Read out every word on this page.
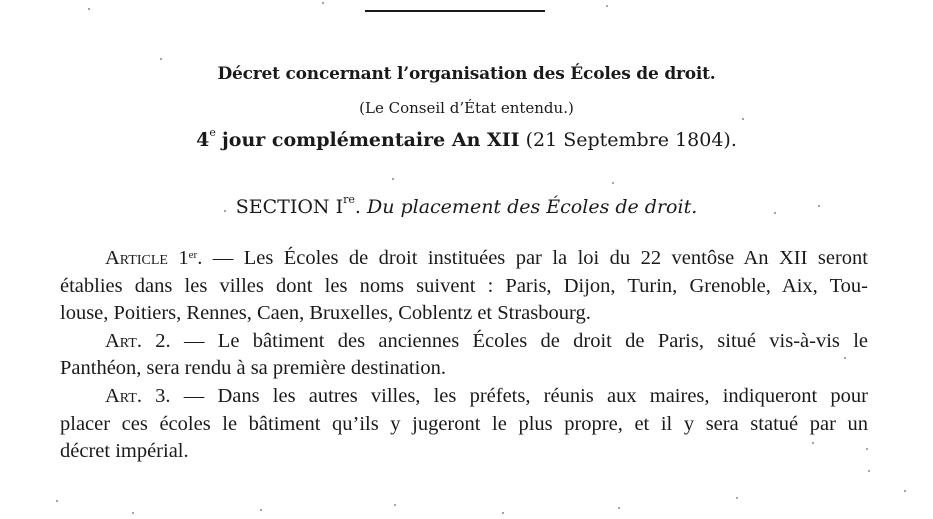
Décret concernant l’organisation des Écoles de droit.
(Le Conseil d’État entendu.)
4e jour complémentaire An XII (21 Septembre 1804).
SECTION Ire. Du placement des Écoles de droit.
Article 1er. — Les Écoles de droit instituées par la loi du 22 ventôse An XII seront
établies dans les villes dont les noms suivent : Paris, Dijon, Turin, Grenoble, Aix, Tou-
louse, Poitiers, Rennes, Caen, Bruxelles, Coblentz et Strasbourg.
Art. 2. — Le bâtiment des anciennes Écoles de droit de Paris, situé vis-à-vis le
Panthéon, sera rendu à sa première destination.
Art. 3. — Dans les autres villes, les préfets, réunis aux maires, indiqueront pour
placer ces écoles le bâtiment qu’ils y jugeront le plus propre, et il y sera statué par un
décret impérial.
